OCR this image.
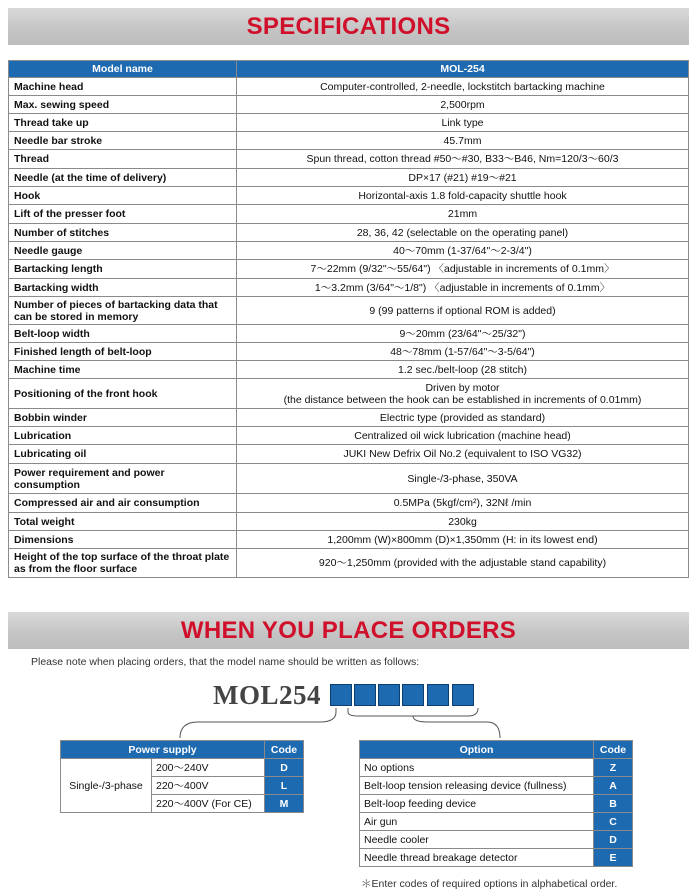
SPECIFICATIONS
Model name	MOL-254
Machine head	Computer-controlled, 2-needle, lockstitch bartacking machine
Max. sewing speed	2,500rpm
Thread take up	Link type
Needle bar stroke	45.7mm
Thread	Spun thread, cotton thread #50〜#30, B33〜B46, Nm=120/3〜60/3
Needle (at the time of delivery)	DP×17 (#21) #19〜#21
Hook	Horizontal-axis 1.8 fold-capacity shuttle hook
Lift of the presser foot	21mm
Number of stitches	28, 36, 42 (selectable on the operating panel)
Needle gauge	40〜70mm (1-37/64"〜2-3/4")
Bartacking length	7〜22mm (9/32"〜55/64") 〈adjustable in increments of 0.1mm〉
Bartacking width	1〜3.2mm (3/64"〜1/8") 〈adjustable in increments of 0.1mm〉
Number of pieces of bartacking data that can be stored in memory	9 (99 patterns if optional ROM is added)
Belt-loop width	9〜20mm (23/64"〜25/32")
Finished length of belt-loop	48〜78mm (1-57/64"〜3-5/64")
Machine time	1.2 sec./belt-loop (28 stitch)
Positioning of the front hook	Driven by motor
(the distance between the hook can be established in increments of 0.01mm)

Bobbin winder	Electric type (provided as standard)
Lubrication	Centralized oil wick lubrication (machine head)
Lubricating oil	JUKI New Defrix Oil No.2 (equivalent to ISO VG32)
Power requirement and power consumption	Single-/3-phase, 350VA
Compressed air and air consumption	0.5MPa (5kgf/cm²), 32Nℓ /min
Total weight	230kg
Dimensions	1,200mm (W)×800mm (D)×1,350mm (H: in its lowest end)
Height of the top surface of the throat plate as from the floor surface	920〜1,250mm (provided with the adjustable stand capability)
WHEN YOU PLACE ORDERS
Please note when placing orders, that the model name should be written as follows:
MOL254
Power supply		Code
Single-/3-phase	200〜240V	D
	220〜400V	L
	220〜400V (For CE)	M
Option	Code
No options	Z
Belt-loop tension releasing device (fullness)	A
Belt-loop feeding device	B
Air gun	C
Needle cooler	D
Needle thread breakage detector	E
＊Enter codes of required options in alphabetical order.
